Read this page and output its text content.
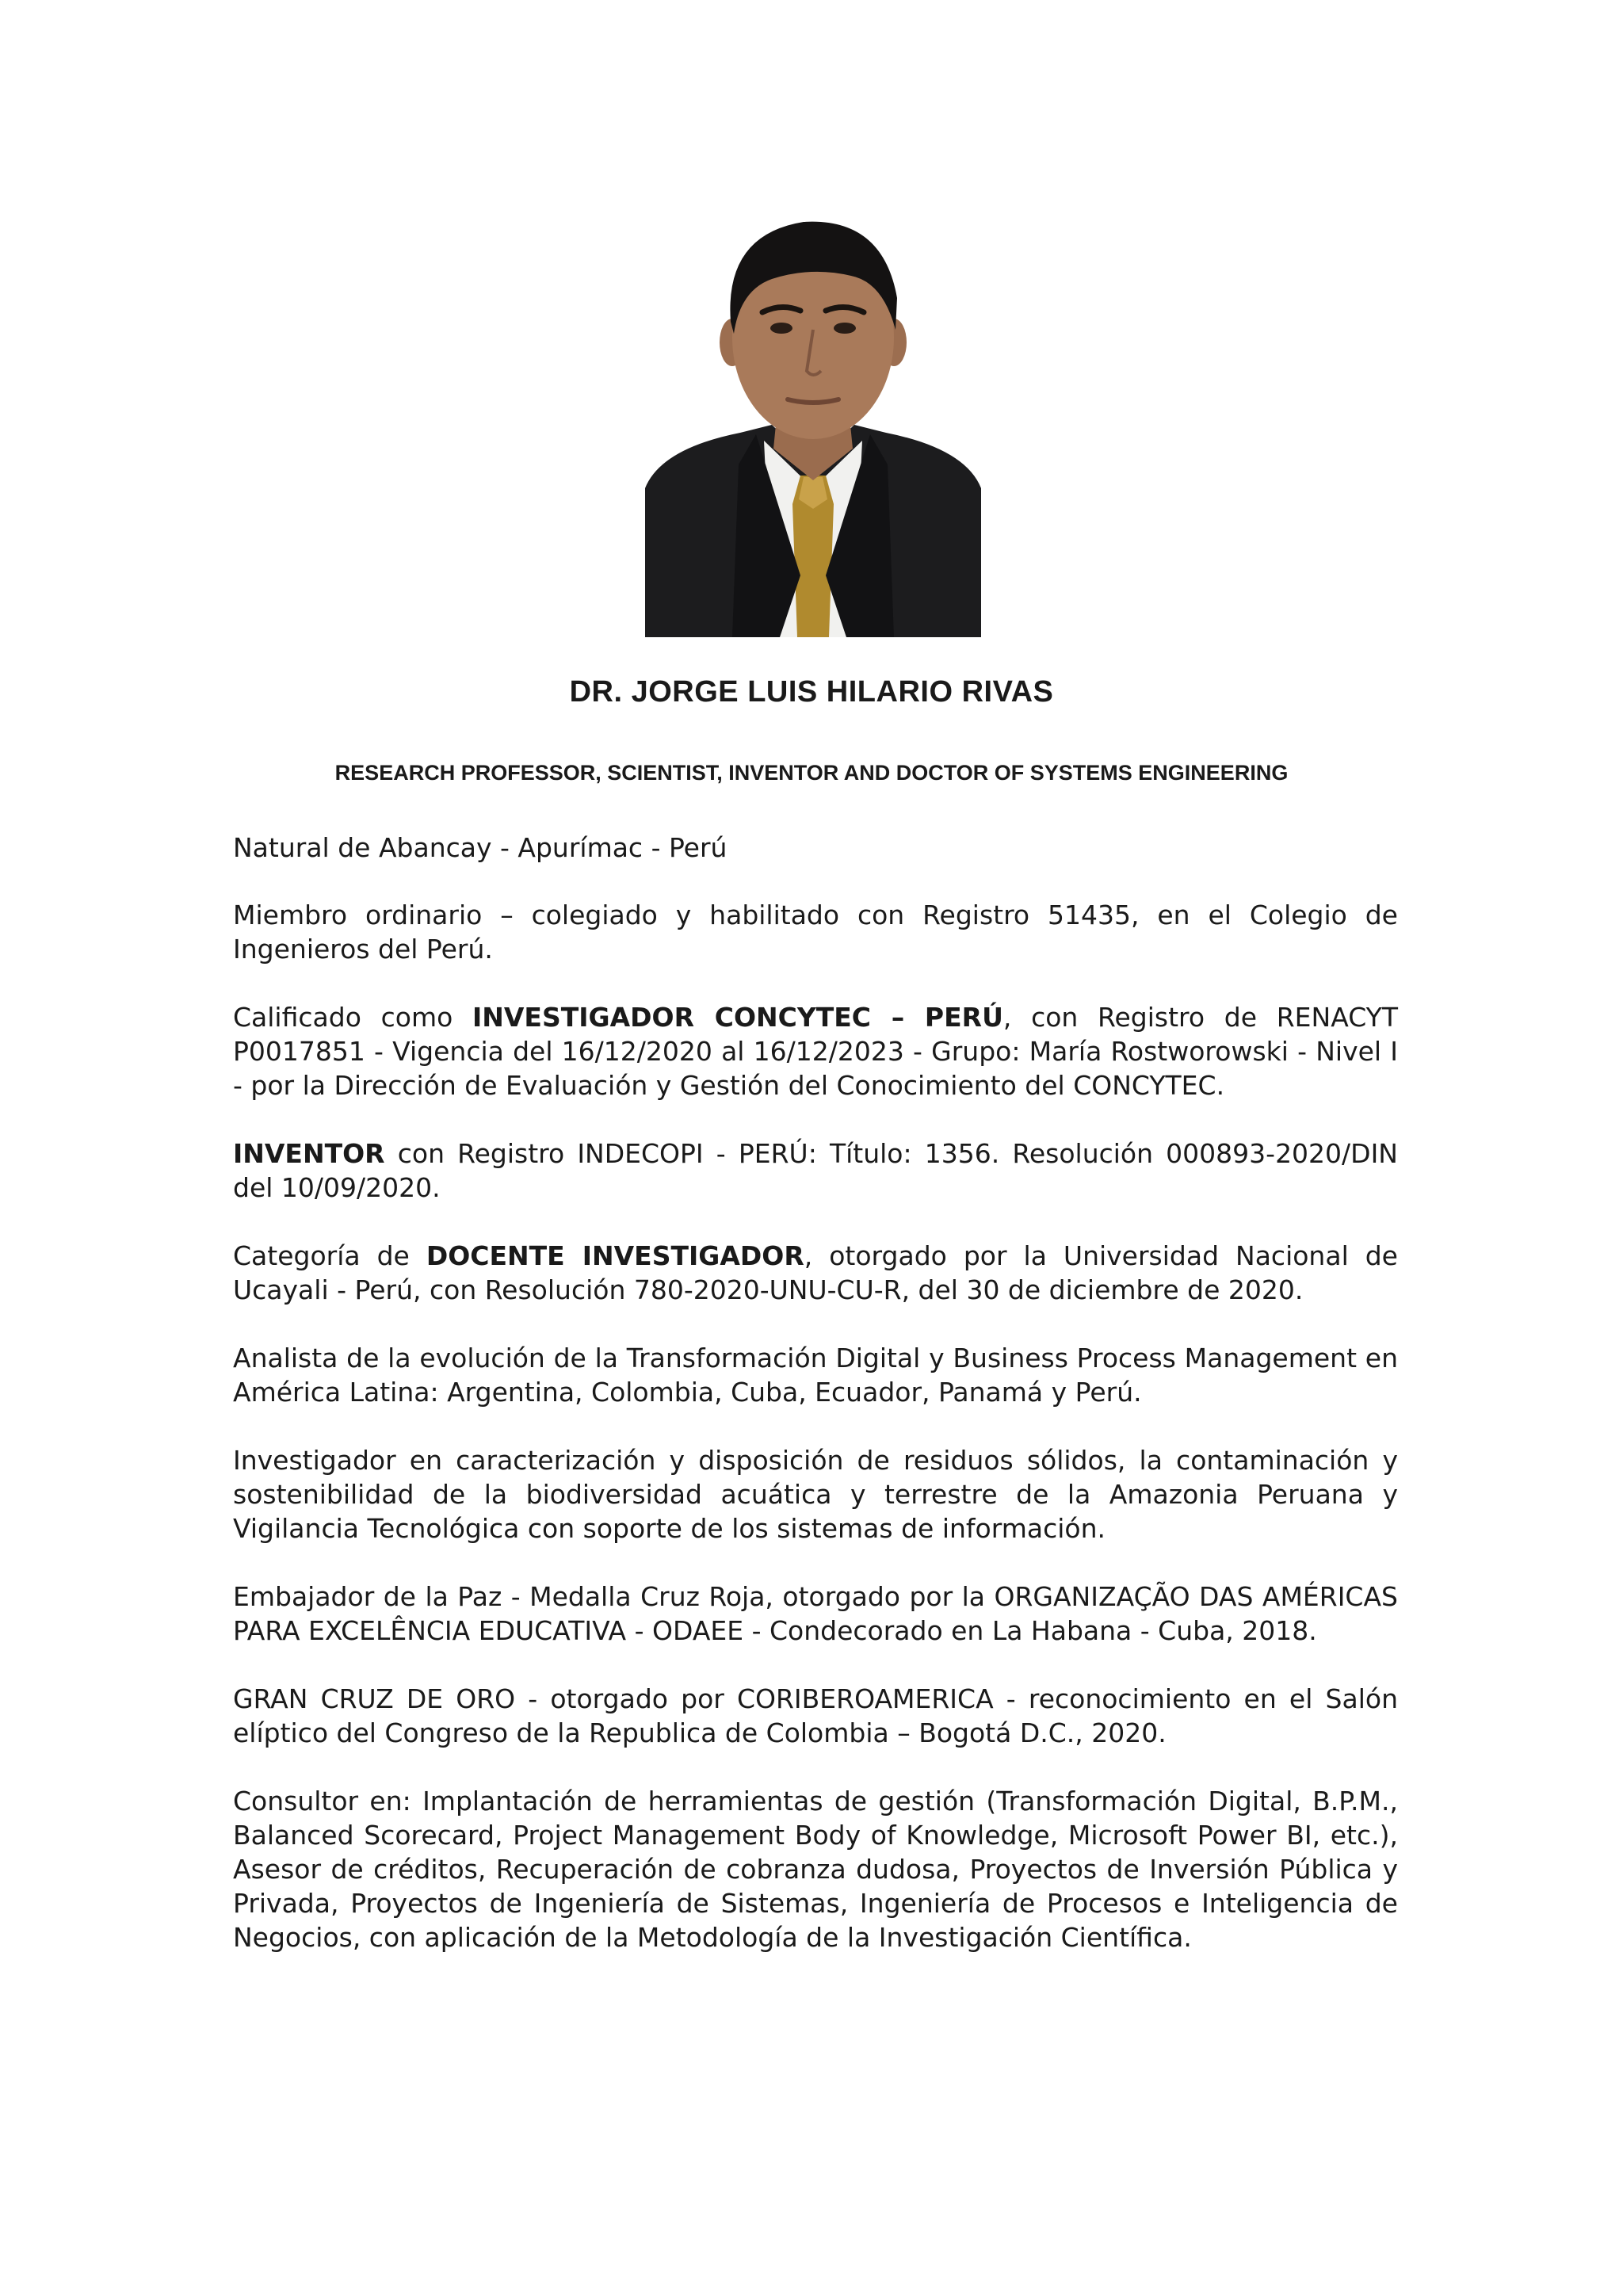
DR. JORGE LUIS HILARIO RIVAS
RESEARCH PROFESSOR, SCIENTIST, INVENTOR AND DOCTOR OF SYSTEMS ENGINEERING

Natural de Abancay - Apurímac - Perú

Miembro ordinario – colegiado y habilitado con Registro 51435, en el Colegio de Ingenieros del Perú.

Calificado como INVESTIGADOR CONCYTEC – PERÚ, con Registro de RENACYT P0017851 - Vigencia del 16/12/2020 al 16/12/2023 - Grupo: María Rostworowski - Nivel I - por la Dirección de Evaluación y Gestión del Conocimiento del CONCYTEC.

INVENTOR con Registro INDECOPI - PERÚ: Título: 1356. Resolución 000893-2020/DIN del 10/09/2020.

Categoría de DOCENTE INVESTIGADOR, otorgado por la Universidad Nacional de Ucayali - Perú, con Resolución 780-2020-UNU-CU-R, del 30 de diciembre de 2020.

Analista de la evolución de la Transformación Digital y Business Process Management en América Latina: Argentina, Colombia, Cuba, Ecuador, Panamá y Perú.

Investigador en caracterización y disposición de residuos sólidos, la contaminación y sostenibilidad de la biodiversidad acuática y terrestre de la Amazonia Peruana y Vigilancia Tecnológica con soporte de los sistemas de información.

Embajador de la Paz - Medalla Cruz Roja, otorgado por la ORGANIZAÇÃO DAS AMÉRICAS PARA EXCELÊNCIA EDUCATIVA - ODAEE - Condecorado en La Habana - Cuba, 2018.

GRAN CRUZ DE ORO - otorgado por CORIBEROAMERICA - reconocimiento en el Salón elíptico del Congreso de la Republica de Colombia – Bogotá D.C., 2020.

Consultor en: Implantación de herramientas de gestión (Transformación Digital, B.P.M., Balanced Scorecard, Project Management Body of Knowledge, Microsoft Power BI, etc.), Asesor de créditos, Recuperación de cobranza dudosa, Proyectos de Inversión Pública y Privada, Proyectos de Ingeniería de Sistemas, Ingeniería de Procesos e Inteligencia de Negocios, con aplicación de la Metodología de la Investigación Científica.
